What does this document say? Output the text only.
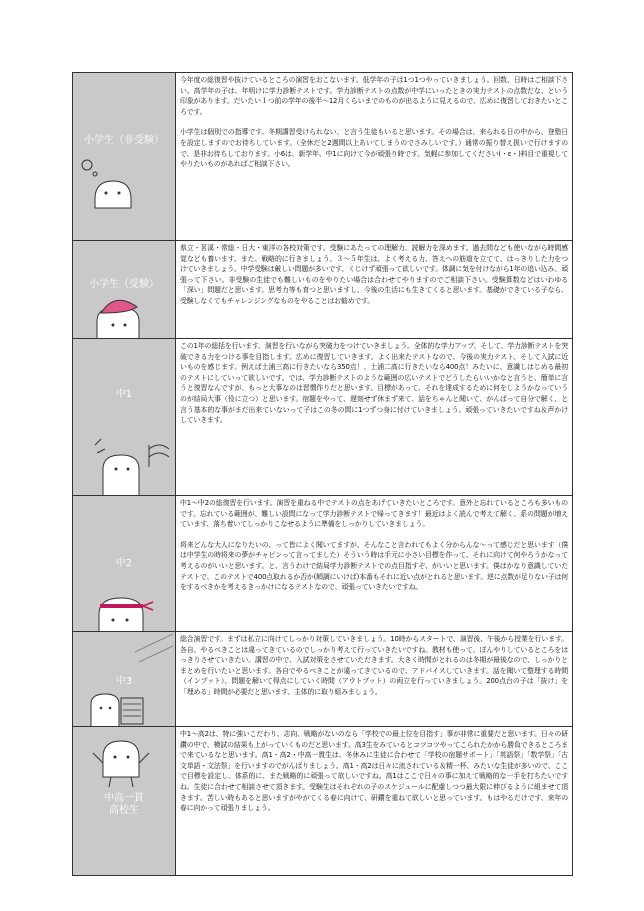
小学生（非受験）

今年度の総復習や抜けているところの演習をおこないます。低学年の子は1つ1つやっていきましょう。回数、日時はご相談下さい。高学年の子は、年明けに学力診断テストです。学力診断テストの点数が中学にいったときの実力テストの点数だな、という印象があります。だいたい１つ前の学年の後半〜12月くらいまでのものが出るように見えるので、広めに復習しておきたいところです。

小学生は個別での指導です。冬期講習受けられない、と言う生徒もいると思います。その場合は、来られる日の中から、登塾日を設定しますのでお待ちしています。（全休だと2週間以上あいてしまうのでさみしいです。）通常の振り替え扱いで行けますので、是非お待ちしております。小6は、新学年、中1に向けて今が頑張り時です。気軽に参加してください(・ε・)料目で重視してやりたいものがあればご相談下さい。

小学生（受験）

県立・茗溪・常総・日大・東洋の各校対策です。受験にあたっての理解力、読解力を深めます。過去問なども使いながら時間感覚なども養います。また、戦略的に行きましょう。３〜５年生は、よく考える力、答えへの筋道を立てて、はっきりした力をつけていきましょう。中学受験は厳しい問題が多いです、くじけず頑張って欲しいです。体調に気を付けながら1年の追い込み、頑張って下さい。非受験の生徒でも難しいものをやりたい場合は合わせてやりますのでご相談下さい。受験算数などはいわゆる「深い」問題だと思います。思考力等も育つと思いますし、今後の生活にも生きてくると思います。基礎ができている子なら、受験しなくてもチャレンジングなものをやることはお勧めです。

中1

この1年の総括を行います。演習を行いながら突破力をつけていきましょう。全体的な学力アップ、そして、学力診断テストを突破できる力をつける事を目指します。広めに復習していきます。よく出来たテストなので、今後の実力テスト、そして入試に近いものを感じます。例えば土浦三高に行きたいなら350点！、土浦二高に行きたいなら400点！みたいに、意識しはじめる最初のテストにしていって欲しいです。では、学力診断テストのような範囲の広いテストでどうしたらいいかなと言うと、簡単に言うと復習なんですが、もっと大事なのは習慣作りだと思います。目標があって、それを達成するために何をしようかなっていうのが結局大事（役に立つ）と思います。宿題をやって、遅刻せず休まず来て、話をちゃんと聞いて、がんばって自分で解く、と言う基本的な事がまだ出来ていないって子はこの冬の間に1つずつ身に付けていきましょう。頑張っていきたいですね＆声かけしていきます。

中2

中1〜中2の総復習を行います。演習を重ねる中でテストの点をあげていきたいところです。意外と忘れているところも多いものです。忘れている範囲が、難しい設問になって学力診断テストで帰ってきます！最近はよく読んで考えて解く、系の問題が増えています、落ち着いてしっかりこなせるように準備をしっかりしていきましょう。

将来どんな大人になりたいの、って皆によく聞いてますが、そんなこと言われてもよく分からんな〜って感じだと思います（僕は中学生の時将来の夢がチャピンって言ってました）そういう時は手元に小さい目標を作って、それに向けて何やろうかなって考えるのがいいと思います。と、言うわけで結局学力診断テストでの点目指すぞ、がいいと思います。僕はかなり意識していたテストで、このテストで400点取れるか否か(順調にいけば)本番もそれに近い点がとれると思います。逆に点数が足りない子は何をするべきかを考えるきっかけになるテストなので、頑張っていきたいですね。

中3

総合演習です。まずは私立に向けてしっかり対策していきましょう。10時からスタートで、演習後、午後から授業を行います。各自、やるべきことは違ってきているのでしっかり考えて行っていきたいですね。教材も使って、ぼんやりしているところをはっきりさせていきたい。講習の中で、入試対策をさせていただきます。大きく時間がとれるのは冬期が最後なので、しっかりとまとめを行いたいと思います。各自でやるべきことが違ってきているので、アドバイスしていきます。話を聞いて整理する時間（インプット）、問題を解いて得点にしていく時間（アウトプット）の両立を行っていきましょう。200点台の子は「抜け」を「埋める」時間が必要だと思います、主体的に取り組みましょう。

中高一貫
高校生

中1〜高2は、特に強いこだわり、志向、戦略がないのなら「学校での最上位を目指す」事が非常に重要だと思います。日々の研鑽の中で、模試の結果も上がっていくものだと思います。高3生をみているとコツコツやってこられたかから勝負できるところまで来ているなと思います。高1・高2・中高一貫生は、冬休みに生徒に合わせて「学校の宿題サポート」「英語祭」「数学祭」「古文単語・文法祭」を行いますのでがんばりましょう。高1・高2は日々に流されている＆精一杯、みたいな生徒が多いので、ここで目標を設定し、体系的に、また戦略的に頑張って欲しいですね。高1はここで日々の事に加えて戦略的な一手を打ちたいですね。生徒に合わせて相談させて頂きます。受験生はそれぞれの子のスケジュールに配慮しつつ最大限に伸びるように組ませて頂きます。苦しい時もあると思いますがやがてくる春に向けて、研鑽を重ねて欲しいと思っています。もはやるだけです、来年の春に向かって頑張りましょう。
